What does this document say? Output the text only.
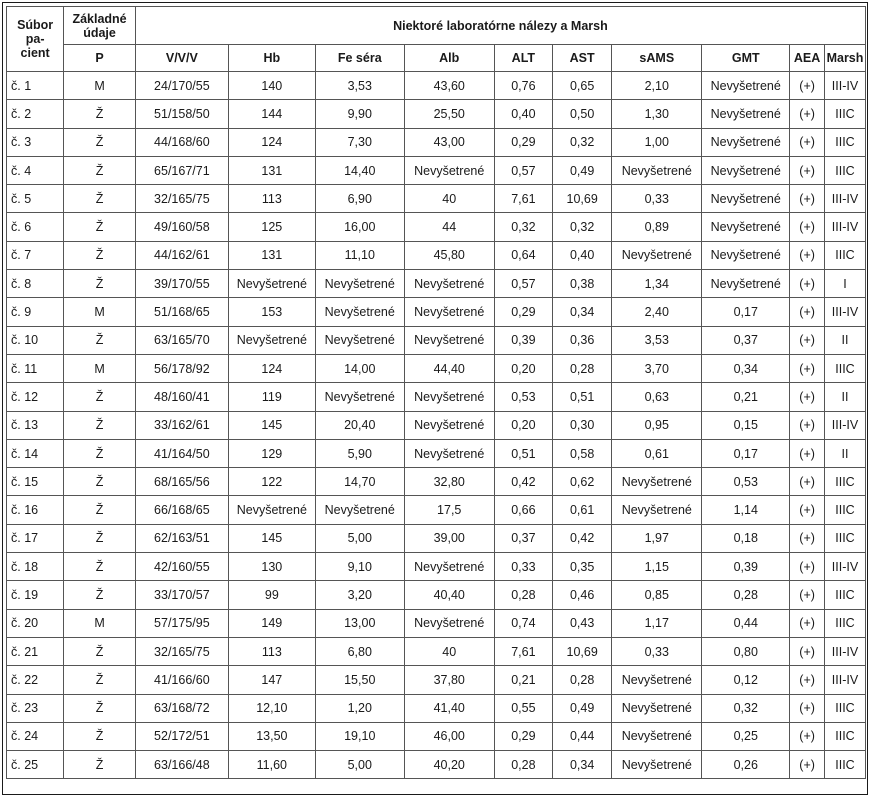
Súbor
pa-
cient	Základné
údaje	Niektoré laboratórne nálezy a Marsh									
	P	V/V/V	Hb	Fe séra	Alb	ALT	AST	sAMS	GMT	AEA	Marsh
č. 1	M	24/170/55	140	3,53	43,60	0,76	0,65	2,10	Nevyšetrené	(+)	III-IV
č. 2	Ž	51/158/50	144	9,90	25,50	0,40	0,50	1,30	Nevyšetrené	(+)	IIIC
č. 3	Ž	44/168/60	124	7,30	43,00	0,29	0,32	1,00	Nevyšetrené	(+)	IIIC
č. 4	Ž	65/167/71	131	14,40	Nevyšetrené	0,57	0,49	Nevyšetrené	Nevyšetrené	(+)	IIIC
č. 5	Ž	32/165/75	113	6,90	40	7,61	10,69	0,33	Nevyšetrené	(+)	III-IV
č. 6	Ž	49/160/58	125	16,00	44	0,32	0,32	0,89	Nevyšetrené	(+)	III-IV
č. 7	Ž	44/162/61	131	11,10	45,80	0,64	0,40	Nevyšetrené	Nevyšetrené	(+)	IIIC
č. 8	Ž	39/170/55	Nevyšetrené	Nevyšetrené	Nevyšetrené	0,57	0,38	1,34	Nevyšetrené	(+)	I
č. 9	M	51/168/65	153	Nevyšetrené	Nevyšetrené	0,29	0,34	2,40	0,17	(+)	III-IV
č. 10	Ž	63/165/70	Nevyšetrené	Nevyšetrené	Nevyšetrené	0,39	0,36	3,53	0,37	(+)	II
č. 11	M	56/178/92	124	14,00	44,40	0,20	0,28	3,70	0,34	(+)	IIIC
č. 12	Ž	48/160/41	119	Nevyšetrené	Nevyšetrené	0,53	0,51	0,63	0,21	(+)	II
č. 13	Ž	33/162/61	145	20,40	Nevyšetrené	0,20	0,30	0,95	0,15	(+)	III-IV
č. 14	Ž	41/164/50	129	5,90	Nevyšetrené	0,51	0,58	0,61	0,17	(+)	II
č. 15	Ž	68/165/56	122	14,70	32,80	0,42	0,62	Nevyšetrené	0,53	(+)	IIIC
č. 16	Ž	66/168/65	Nevyšetrené	Nevyšetrené	17,5	0,66	0,61	Nevyšetrené	1,14	(+)	IIIC
č. 17	Ž	62/163/51	145	5,00	39,00	0,37	0,42	1,97	0,18	(+)	IIIC
č. 18	Ž	42/160/55	130	9,10	Nevyšetrené	0,33	0,35	1,15	0,39	(+)	III-IV
č. 19	Ž	33/170/57	99	3,20	40,40	0,28	0,46	0,85	0,28	(+)	IIIC
č. 20	M	57/175/95	149	13,00	Nevyšetrené	0,74	0,43	1,17	0,44	(+)	IIIC
č. 21	Ž	32/165/75	113	6,80	40	7,61	10,69	0,33	0,80	(+)	III-IV
č. 22	Ž	41/166/60	147	15,50	37,80	0,21	0,28	Nevyšetrené	0,12	(+)	III-IV
č. 23	Ž	63/168/72	12,10	1,20	41,40	0,55	0,49	Nevyšetrené	0,32	(+)	IIIC
č. 24	Ž	52/172/51	13,50	19,10	46,00	0,29	0,44	Nevyšetrené	0,25	(+)	IIIC
č. 25	Ž	63/166/48	11,60	5,00	40,20	0,28	0,34	Nevyšetrené	0,26	(+)	IIIC
